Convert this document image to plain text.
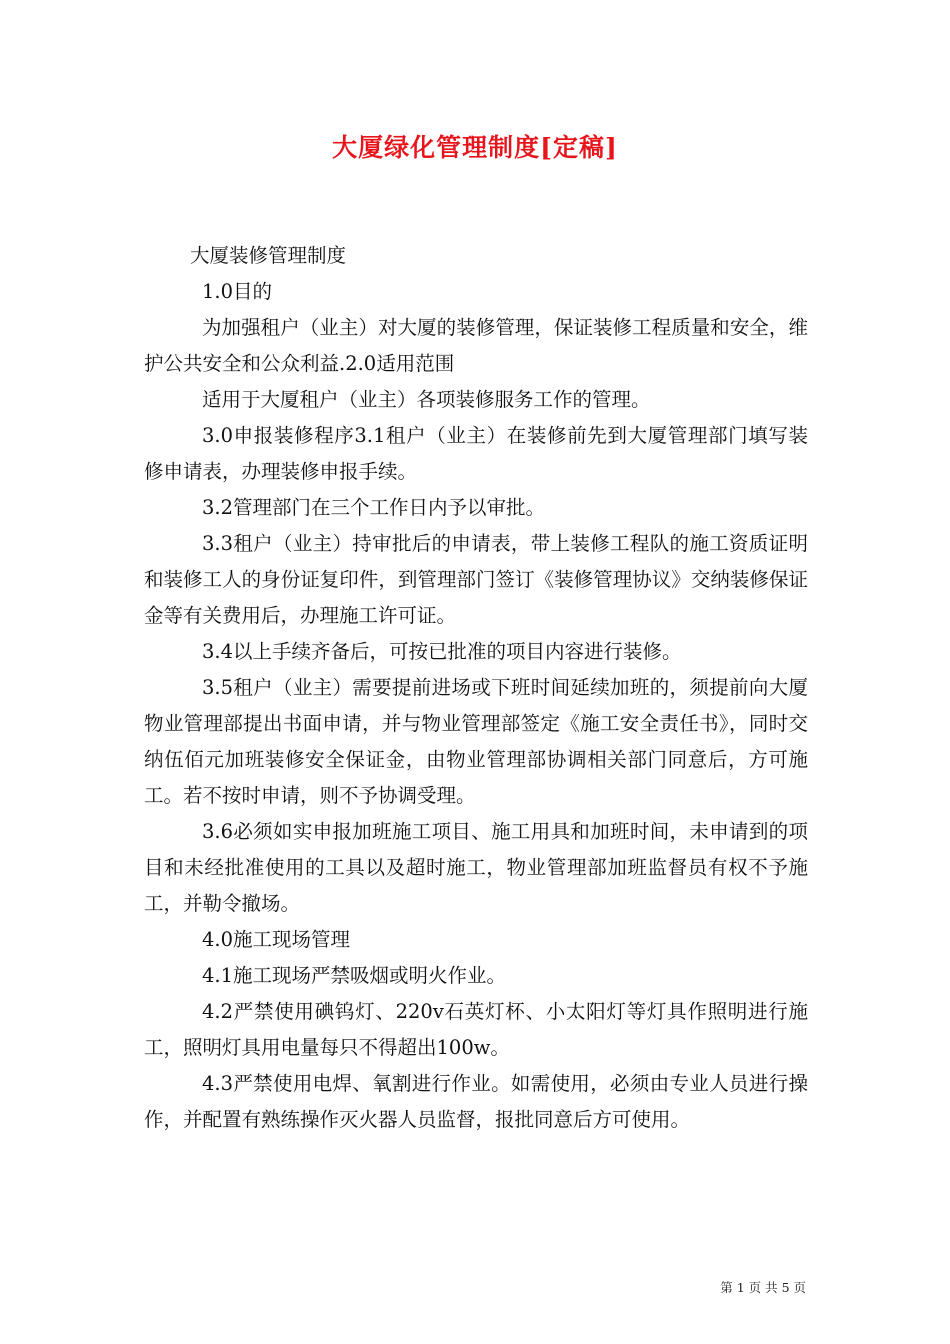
大厦绿化管理制度[定稿]

大厦装修管理制度

1.0目的

为加强租户（业主）对大厦的装修管理，保证装修工程质量和安全，维护公共安全和公众利益.2.0适用范围

适用于大厦租户（业主）各项装修服务工作的管理。

3.0申报装修程序3.1租户（业主）在装修前先到大厦管理部门填写装修申请表，办理装修申报手续。

3.2管理部门在三个工作日内予以审批。

3.3租户（业主）持审批后的申请表，带上装修工程队的施工资质证明和装修工人的身份证复印件，到管理部门签订《装修管理协议》交纳装修保证金等有关费用后，办理施工许可证。

3.4以上手续齐备后，可按已批准的项目内容进行装修。

3.5租户（业主）需要提前进场或下班时间延续加班的，须提前向大厦物业管理部提出书面申请，并与物业管理部签定《施工安全责任书》，同时交纳伍佰元加班装修安全保证金，由物业管理部协调相关部门同意后，方可施工。若不按时申请，则不予协调受理。

3.6必须如实申报加班施工项目、施工用具和加班时间，未申请到的项目和未经批准使用的工具以及超时施工，物业管理部加班监督员有权不予施工，并勒令撤场。

4.0施工现场管理

4.1施工现场严禁吸烟或明火作业。

4.2严禁使用碘钨灯、220v石英灯杯、小太阳灯等灯具作照明进行施工，照明灯具用电量每只不得超出100w。

4.3严禁使用电焊、氧割进行作业。如需使用，必须由专业人员进行操作，并配置有熟练操作灭火器人员监督，报批同意后方可使用。

第 1 页 共 5 页
